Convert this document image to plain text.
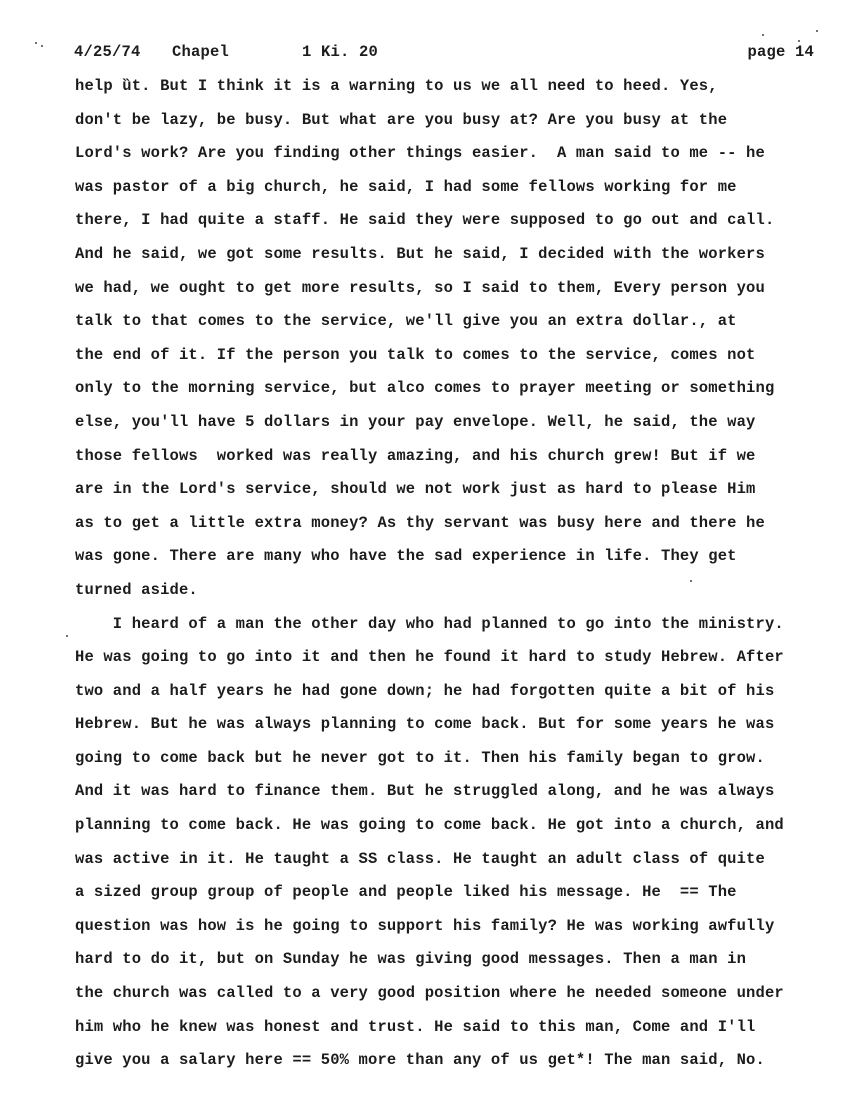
4/25/74 Chapel	1 Ki. 20	page 14
help ȕt. But I think it is a warning to us we all need to heed. Yes,
don't be lazy, be busy. But what are you busy at? Are you busy at the
Lord's work? Are you finding other things easier.  A man said to me -- he
was pastor of a big church, he said, I had some fellows working for me
there, I had quite a staff. He said they were supposed to go out and call.
And he said, we got some results. But he said, I decided with the workers
we had, we ought to get more results, so I said to them, Every person you
talk to that comes to the service, we'll give you an extra dollar., at
the end of it. If the person you talk to comes to the service, comes not
only to the morning service, but alco comes to prayer meeting or something
else, you'll have 5 dollars in your pay envelope. Well, he said, the way
those fellows  worked was really amazing, and his church grew! But if we
are in the Lord's service, should we not work just as hard to please Him
as to get a little extra money? As thy servant was busy here and there he
was gone. There are many who have the sad experience in life. They get
turned aside.
I heard of a man the other day who had planned to go into the ministry.
He was going to go into it and then he found it hard to study Hebrew. After
two and a half years he had gone down; he had forgotten quite a bit of his
Hebrew. But he was always planning to come back. But for some years he was
going to come back but he never got to it. Then his family began to grow.
And it was hard to finance them. But he struggled along, and he was always
planning to come back. He was going to come back. He got into a church, and
was active in it. He taught a SS class. He taught an adult class of quite
a sized group group of people and people liked his message. He  == The
question was how is he going to support his family? He was working awfully
hard to do it, but on Sunday he was giving good messages. Then a man in
the church was called to a very good position where he needed someone under
him who he knew was honest and trust. He said to this man, Come and I'll
give you a salary here == 50% more than any of us get*! The man said, No.
